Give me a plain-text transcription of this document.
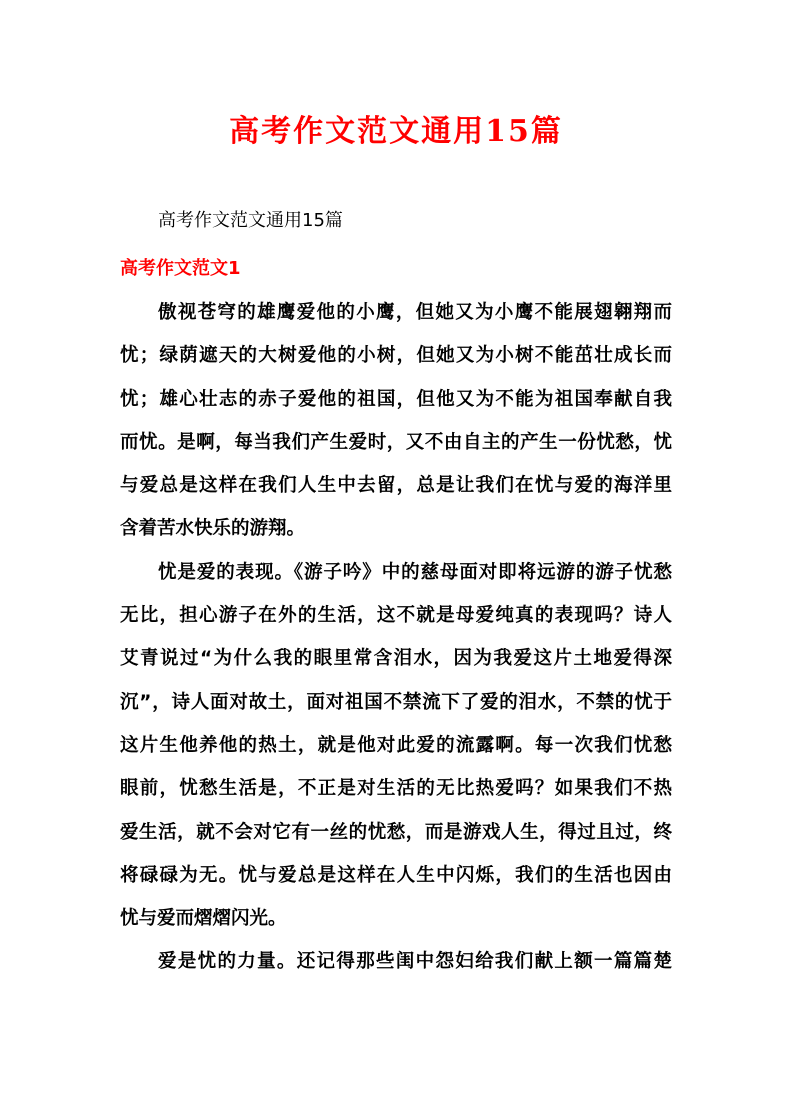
高考作文范文通用15篇

高考作文范文通用15篇

高考作文范文1

傲视苍穹的雄鹰爱他的小鹰，但她又为小鹰不能展翅翱翔而
忧；绿荫遮天的大树爱他的小树，但她又为小树不能茁壮成长而
忧；雄心壮志的赤子爱他的祖国，但他又为不能为祖国奉献自我
而忧。是啊，每当我们产生爱时，又不由自主的产生一份忧愁，忧
与爱总是这样在我们人生中去留，总是让我们在忧与爱的海洋里
含着苦水快乐的游翔。
忧是爱的表现。《游子吟》中的慈母面对即将远游的游子忧愁
无比，担心游子在外的生活，这不就是母爱纯真的表现吗？诗人
艾青说过“为什么我的眼里常含泪水，因为我爱这片土地爱得深
沉”，诗人面对故土，面对祖国不禁流下了爱的泪水，不禁的忧于
这片生他养他的热土，就是他对此爱的流露啊。每一次我们忧愁
眼前，忧愁生活是，不正是对生活的无比热爱吗？如果我们不热
爱生活，就不会对它有一丝的忧愁，而是游戏人生，得过且过，终
将碌碌为无。忧与爱总是这样在人生中闪烁，我们的生活也因由
忧与爱而熠熠闪光。
爱是忧的力量。还记得那些闺中怨妇给我们献上额一篇篇楚
